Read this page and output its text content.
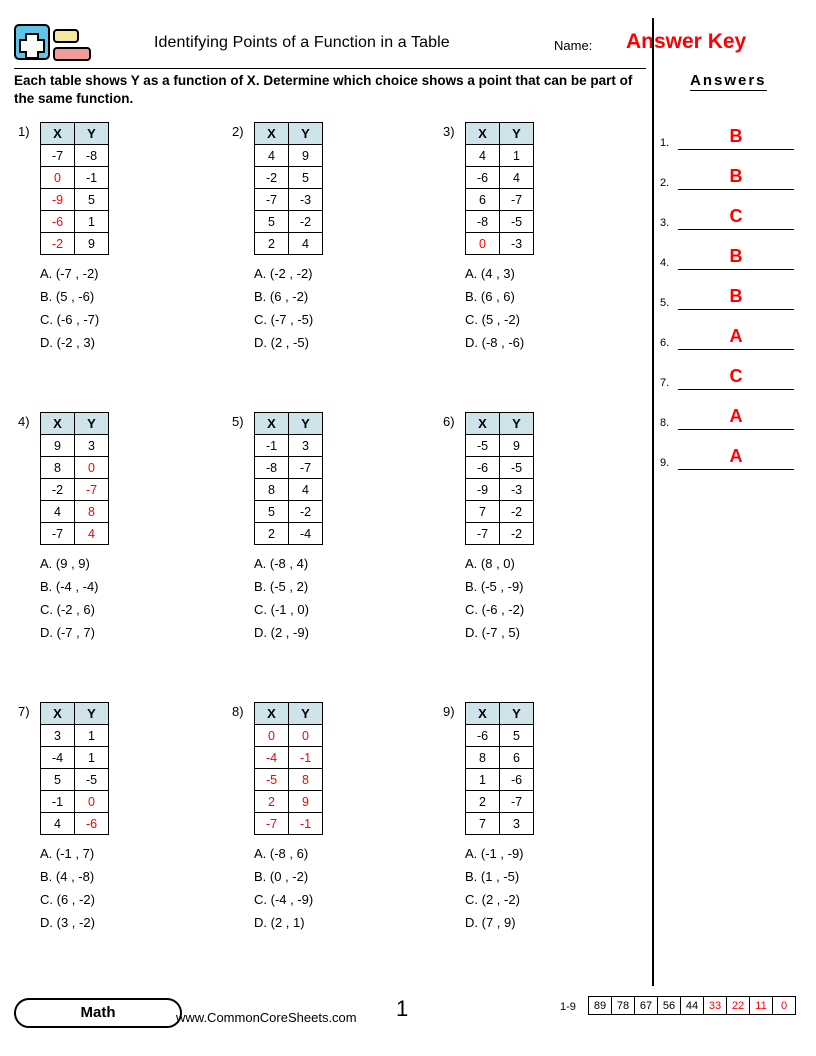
Identifying Points of a Function in a Table	Name: Answer Key
Each table shows Y as a function of X. Determine which choice shows a point that can be part of the same function.
Answers
1.	B
2.	B
3.	C
4.	B
5.	B
6.	A
7.	C
8.	A
9.	A
1) X	Y
-7	-8
0	-1
-9	5
-6	1
-2	9
A. (-7 , -2)
B. (5 , -6)
C. (-6 , -7)
D. (-2 , 3)
2) X	Y
4	9
-2	5
-7	-3
5	-2
2	4
A. (-2 , -2)
B. (6 , -2)
C. (-7 , -5)
D. (2 , -5)
3) X	Y
4	1
-6	4
6	-7
-8	-5
0	-3
A. (4 , 3)
B. (6 , 6)
C. (5 , -2)
D. (-8 , -6)
4) X	Y
9	3
8	0
-2	-7
4	8
-7	4
A. (9 , 9)
B. (-4 , -4)
C. (-2 , 6)
D. (-7 , 7)
5) X	Y
-1	3
-8	-7
8	4
5	-2
2	-4
A. (-8 , 4)
B. (-5 , 2)
C. (-1 , 0)
D. (2 , -9)
6) X	Y
-5	9
-6	-5
-9	-3
7	-2
-7	-2
A. (8 , 0)
B. (-5 , -9)
C. (-6 , -2)
D. (-7 , 5)
7) X	Y
3	1
-4	1
5	-5
-1	0
4	-6
A. (-1 , 7)
B. (4 , -8)
C. (6 , -2)
D. (3 , -2)
8) X	Y
0	0
-4	-1
-5	8
2	9
-7	-1
A. (-8 , 6)
B. (0 , -2)
C. (-4 , -9)
D. (2 , 1)
9) X	Y
-6	5
8	6
1	-6
2	-7
7	3
A. (-1 , -9)
B. (1 , -5)
C. (2 , -2)
D. (7 , 9)
Math	www.CommonCoreSheets.com 1	1-9 89	78	67	56	44	33	22	11	0
